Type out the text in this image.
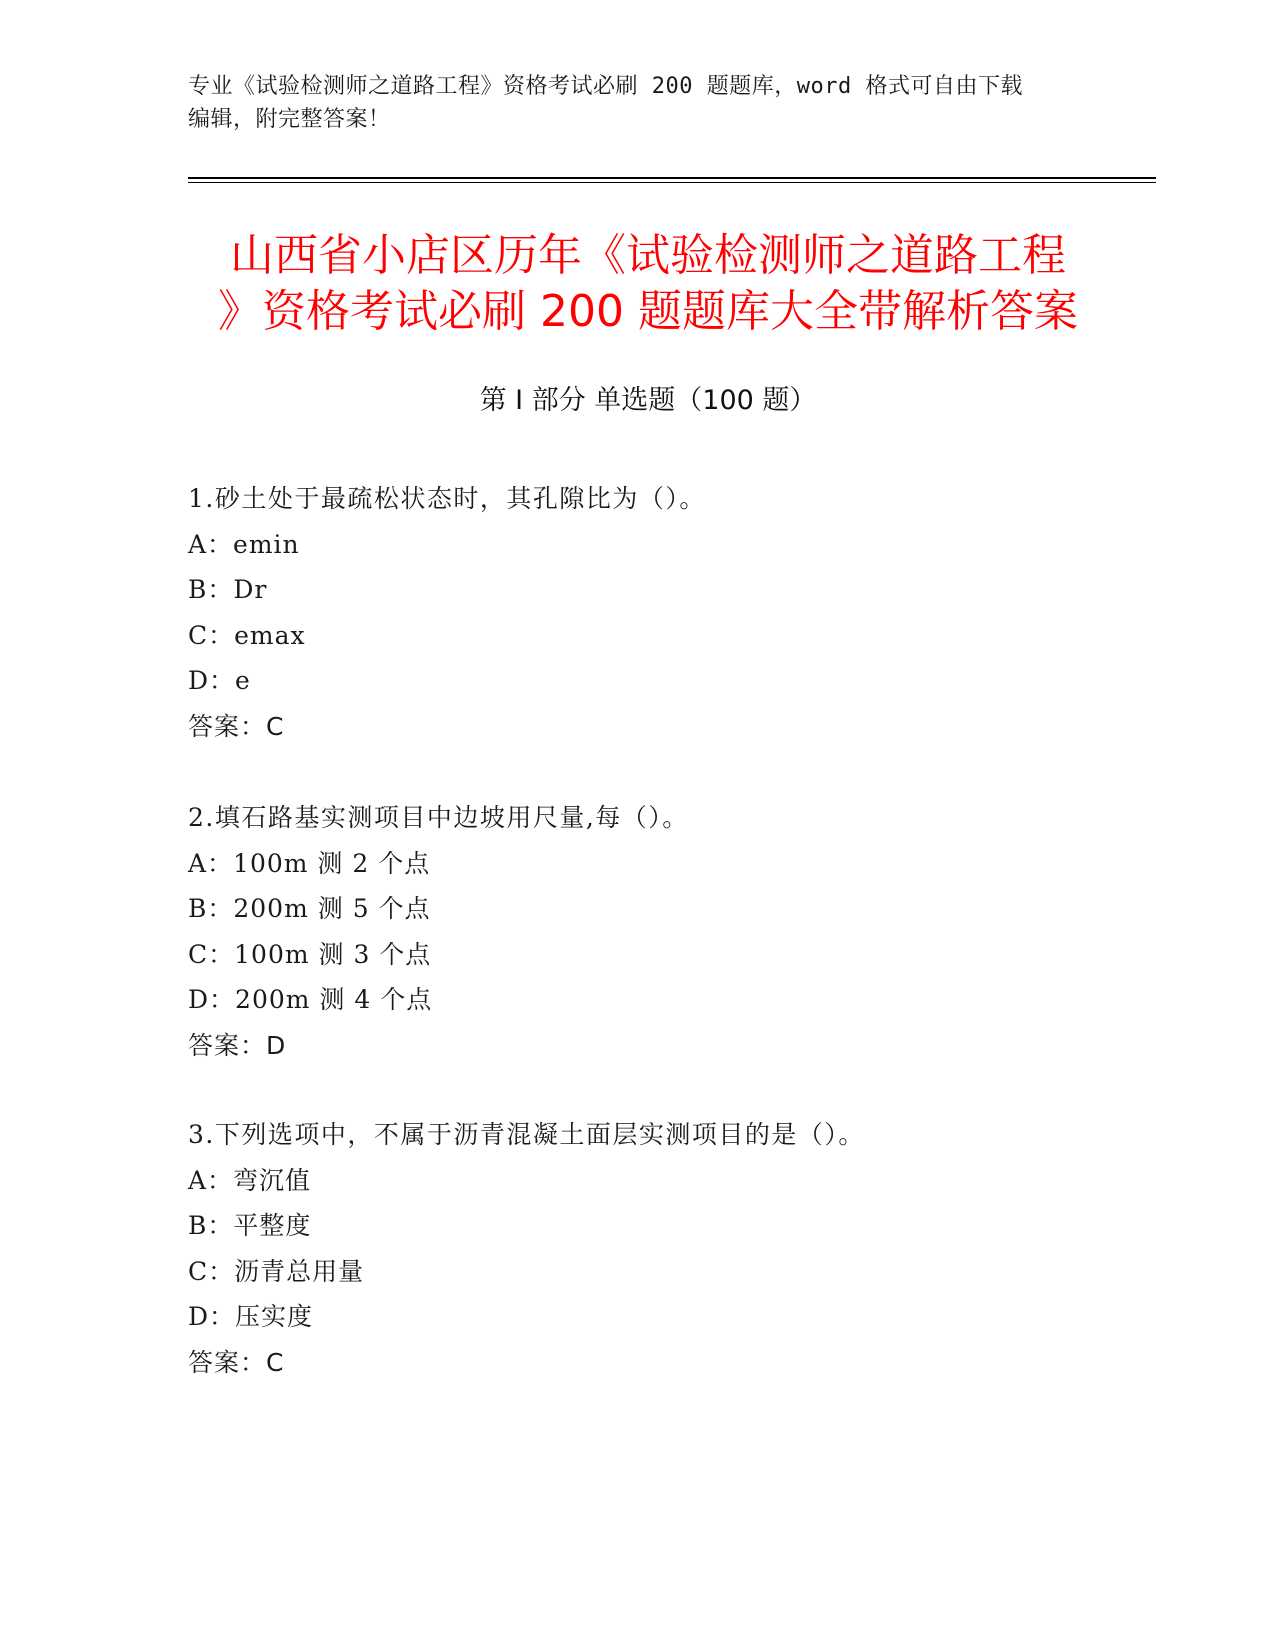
专业《试验检测师之道路工程》资格考试必刷 200 题题库，word 格式可自由下载
编辑，附完整答案！
山西省小店区历年《试验检测师之道路工程
》资格考试必刷 200 题题库大全带解析答案
第 I 部分 单选题（100 题）
1.砂土处于最疏松状态时，其孔隙比为（）。
A：emin
B：Dr
C：emax
D：e
答案：C
2.填石路基实测项目中边坡用尺量,每（）。
A：100m 测 2 个点
B：200m 测 5 个点
C：100m 测 3 个点
D：200m 测 4 个点
答案：D
3.下列选项中，不属于沥青混凝土面层实测项目的是（）。
A：弯沉值
B：平整度
C：沥青总用量
D：压实度
答案：C
